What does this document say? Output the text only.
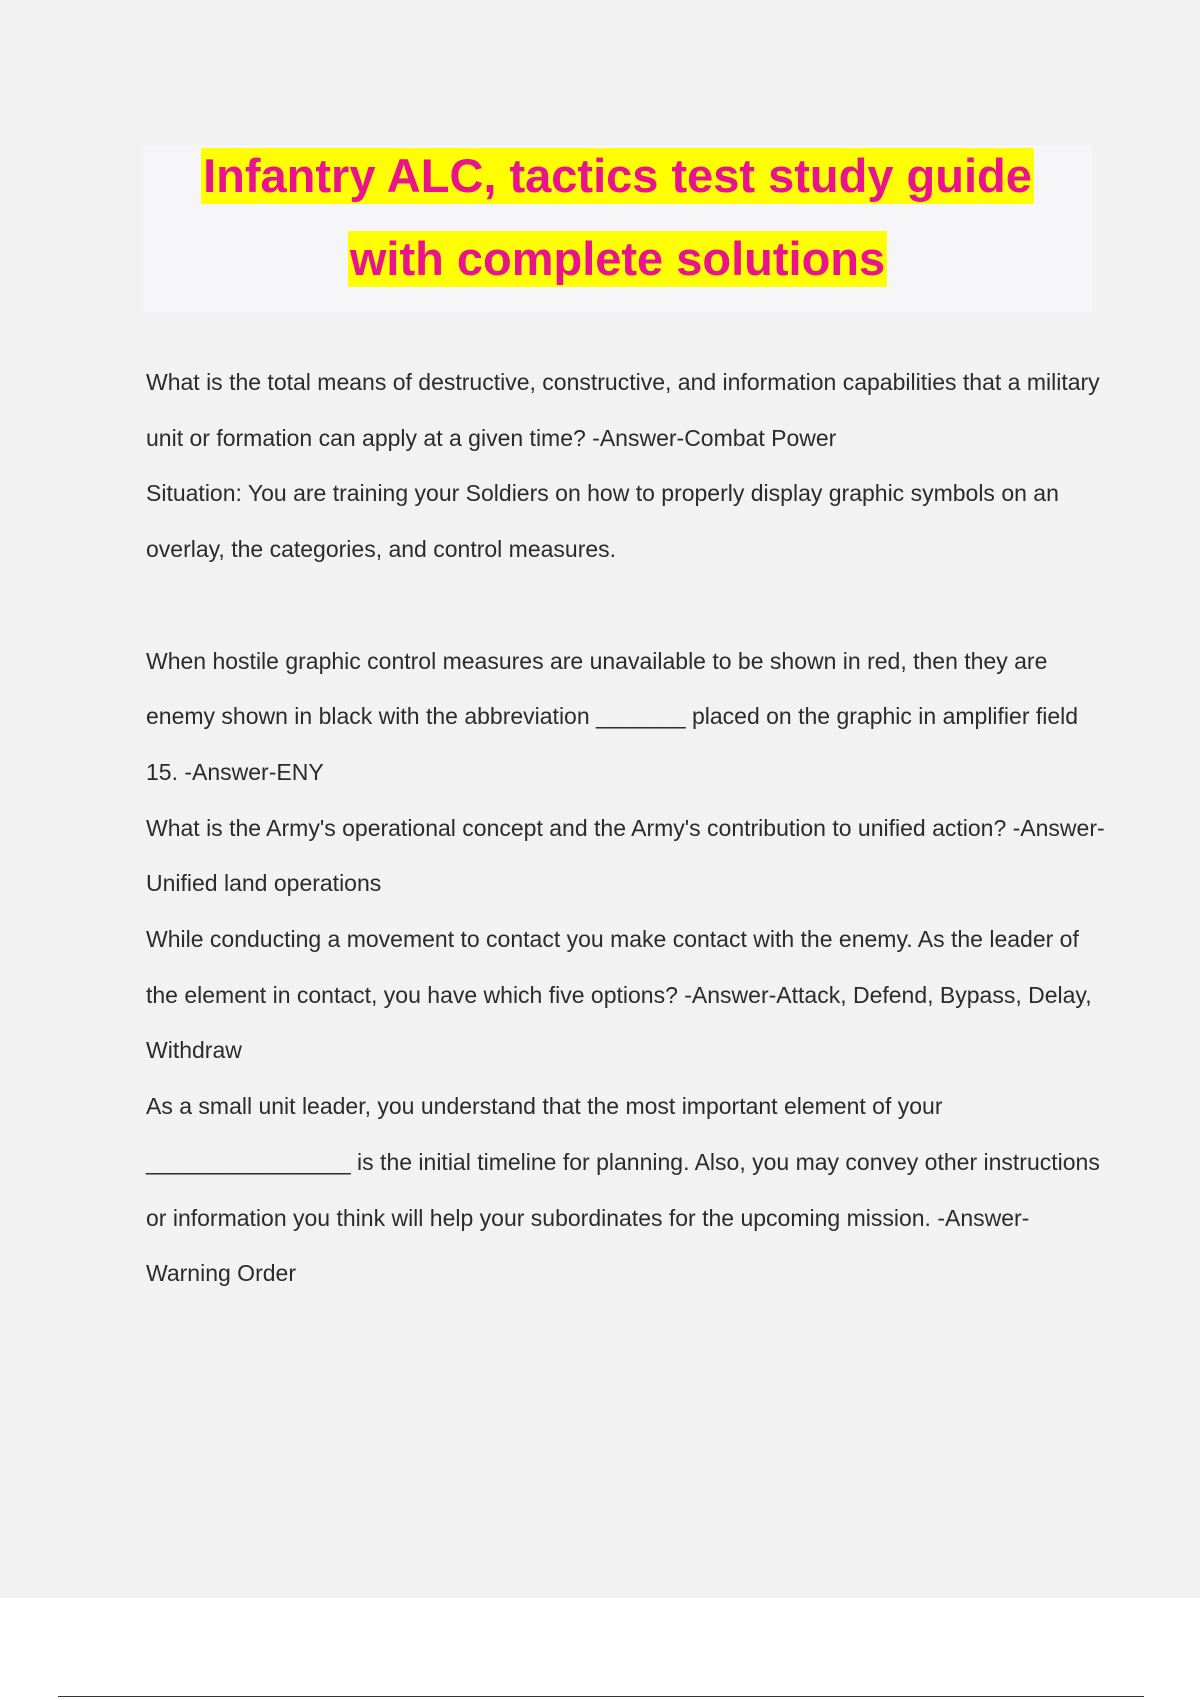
Infantry ALC, tactics test study guide
with complete solutions

What is the total means of destructive, constructive, and information capabilities that a military unit or formation can apply at a given time? -Answer-Combat Power

Situation: You are training your Soldiers on how to properly display graphic symbols on an overlay, the categories, and control measures.

When hostile graphic control measures are unavailable to be shown in red, then they are enemy shown in black with the abbreviation _______ placed on the graphic in amplifier field 15. -Answer-ENY

What is the Army's operational concept and the Army's contribution to unified action? -Answer-Unified land operations

While conducting a movement to contact you make contact with the enemy. As the leader of the element in contact, you have which five options? -Answer-Attack, Defend, Bypass, Delay, Withdraw

As a small unit leader, you understand that the most important element of your ________________ is the initial timeline for planning. Also, you may convey other instructions or information you think will help your subordinates for the upcoming mission. -Answer-Warning Order
